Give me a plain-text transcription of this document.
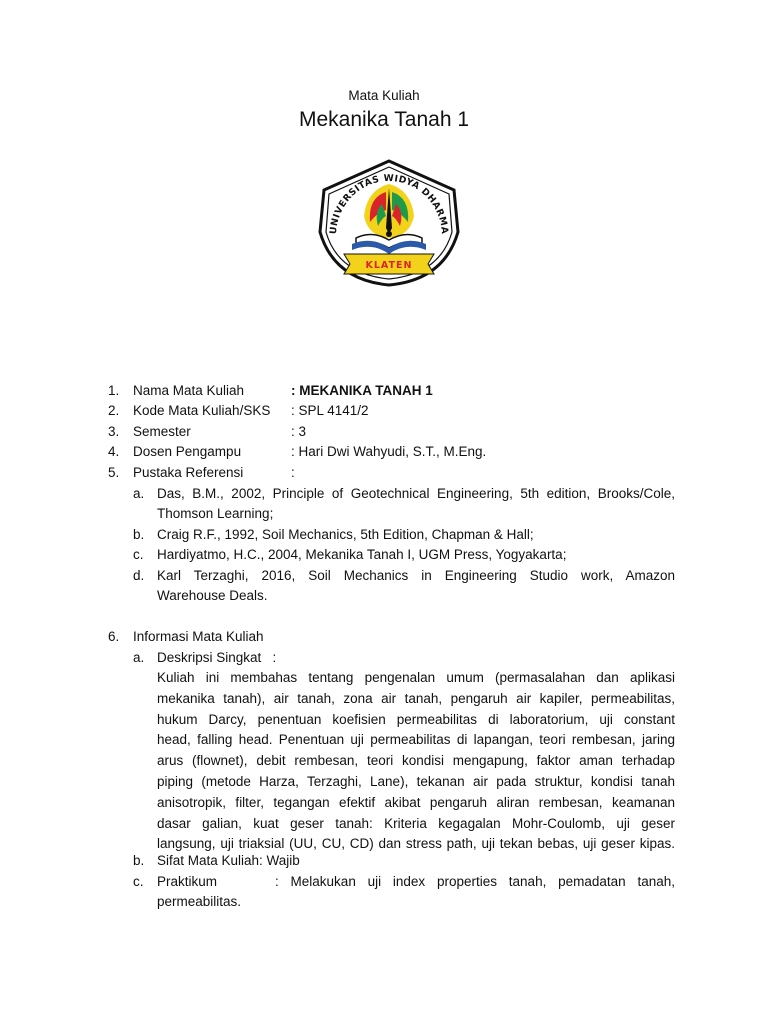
Mata Kuliah
Mekanika Tanah 1
UNIVERSITAS WIDYA DHARMA
KLATEN
1. Nama Mata Kuliah	: MEKANIKA TANAH 1
2. Kode Mata Kuliah/SKS : SPL 4141/2
3. Semester	: 3
4. Dosen Pengampu	: Hari Dwi Wahyudi, S.T., M.Eng.
5. Pustaka Referensi	:
a. Das, B.M., 2002, Principle of Geotechnical Engineering, 5th edition, Brooks/Cole,
Thomson Learning;
b. Craig R.F., 1992, Soil Mechanics, 5th Edition, Chapman & Hall;
c. Hardiyatmo, H.C., 2004, Mekanika Tanah I, UGM Press, Yogyakarta;
d. Karl Terzaghi, 2016, Soil Mechanics in Engineering Studio work, Amazon
Warehouse Deals.
6. Informasi Mata Kuliah
a. Deskripsi Singkat   :
Kuliah ini membahas tentang pengenalan umum (permasalahan dan aplikasi
mekanika tanah), air tanah, zona air tanah, pengaruh air kapiler, permeabilitas,
hukum Darcy, penentuan koefisien permeabilitas di laboratorium, uji constant
head, falling head. Penentuan uji permeabilitas di lapangan, teori rembesan, jaring
arus (flownet), debit rembesan, teori kondisi mengapung, faktor aman terhadap
piping (metode Harza, Terzaghi, Lane), tekanan air pada struktur, kondisi tanah
anisotropik, filter, tegangan efektif akibat pengaruh aliran rembesan, keamanan
dasar galian, kuat geser tanah: Kriteria kegagalan Mohr-Coulomb, uji geser
langsung, uji triaksial (UU, CU, CD) dan stress path, uji tekan bebas, uji geser kipas.
b. Sifat Mata Kuliah : Wajib
c. Praktikum	: Melakukan uji index properties tanah, pemadatan tanah,
permeabilitas.
